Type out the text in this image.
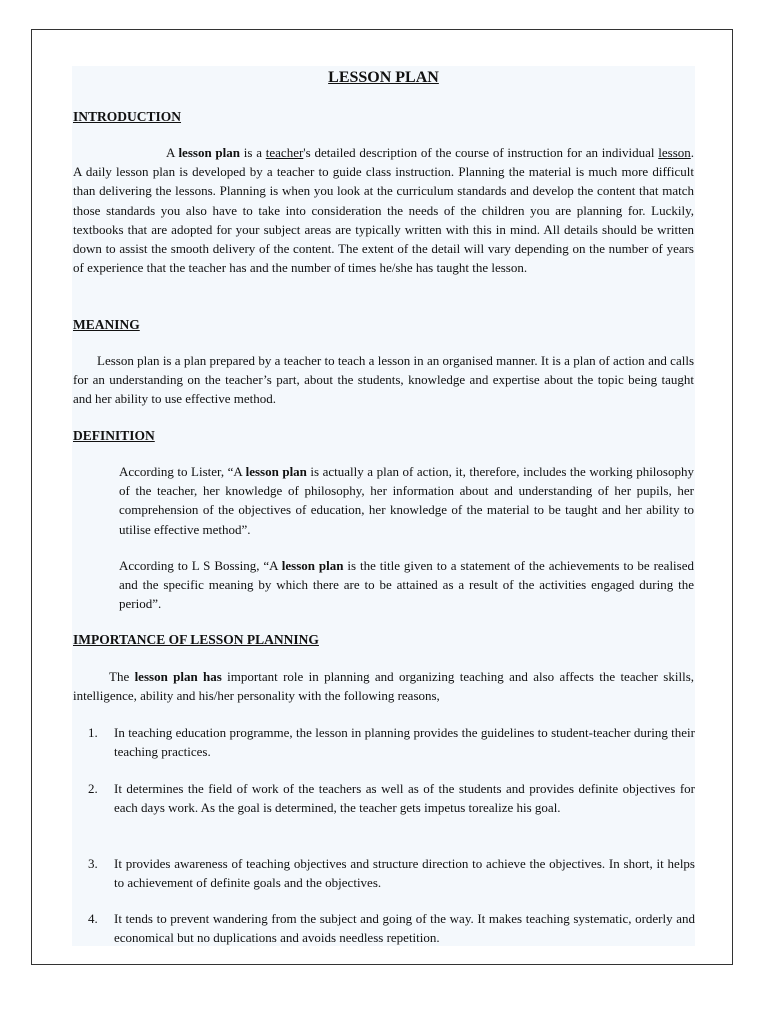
LESSON PLAN
INTRODUCTION
A lesson plan is a teacher's detailed description of the course of instruction for an individual lesson. A daily lesson plan is developed by a teacher to guide class instruction. Planning the material is much more difficult than delivering the lessons. Planning is when you look at the curriculum standards and develop the content that match those standards you also have to take into consideration the needs of the children you are planning for. Luckily, textbooks that are adopted for your subject areas are typically written with this in mind. All details should be written down to assist the smooth delivery of the content. The extent of the detail will vary depending on the number of years of experience that the teacher has and the number of times he/she has taught the lesson.
MEANING
Lesson plan is a plan prepared by a teacher to teach a lesson in an organised manner. It is a plan of action and calls for an understanding on the teacher’s part, about the students, knowledge and expertise about the topic being taught and her ability to use effective method.
DEFINITION
According to Lister, “A lesson plan is actually a plan of action, it, therefore, includes the working philosophy of the teacher, her knowledge of philosophy, her information about and understanding of her pupils, her comprehension of the objectives of education, her knowledge of the material to be taught and her ability to utilise effective method”.
According to L S Bossing, “A lesson plan is the title given to a statement of the achievements to be realised and the specific meaning by which there are to be attained as a result of the activities engaged during the period”.
IMPORTANCE OF LESSON PLANNING
The lesson plan has important role in planning and organizing teaching and also affects the teacher skills, intelligence, ability and his/her personality with the following reasons,
1.	In teaching education programme, the lesson in planning provides the guidelines to student-teacher during their teaching practices.
2.	It determines the field of work of the teachers as well as of the students and provides definite objectives for each days work. As the goal is determined, the teacher gets impetus torealize his goal.
3.	It provides awareness of teaching objectives and structure direction to achieve the objectives. In short, it helps to achievement of definite goals and the objectives.
4.	It tends to prevent wandering from the subject and going of the way. It makes teaching systematic, orderly and economical but no duplications and avoids needless repetition.
